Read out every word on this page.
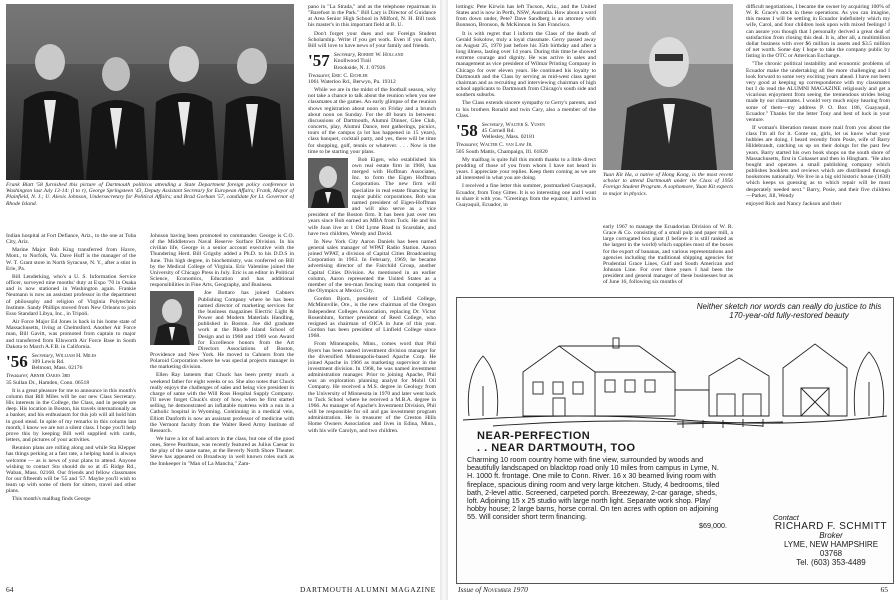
Frank Blatt '58 furnished this picture of Dartmouth politicos attending a State Department foreign policy conference in Washington last July 13-14: (l to r), George Springsteen '43, Deputy Assistant Secretary for European Affairs; Frank, Mayor of Plainfield, N. J.; U. Alexis Johnson, Undersecretary for Political Affairs; and Brad Gorham '57, candidate for Lt. Governor of Rhode Island.

Indian hospital at Fort Defiance, Ariz., to the one at Tuba City, Ariz.

Marine Major Bob King transferred from Havre, Mont., to Norfolk, Va. Dave Huff is the manager of the W. T. Grant store in North Syracuse, N. Y., after a stint in Erie, Pa.

Bill Lenderking, who's a U. S. Information Service officer, surveyed nine months' duty at Expo '70 in Osaka and is now stationed in Washington again. Frankie Neumann is now an assistant professor in the department of philosophy and religion of Virginia Polytechnic Institute. Sandy Phillips moved from New Orleans to join Esso Standard Libya, Inc., in Tripoli.

Air Force Major Ed Jones is back in his home state of Massachusetts, living at Chelmsford. Another Air Force man, Bill Gavitt, was promoted from captain to major and transferred from Ellsworth Air Force Base in South Dakota to March A.F.B. in California.

'56 Secretary, William H. Miles
109 Lewis Rd.
Belmont, Mass. 02176
Treasurer, Abner Oakes 3rd
35 Sullan Dr., Hamden, Conn. 06518

It is a great pleasure for me to announce in this month's column that Bill Miles will be our new Class Secretary. His interests in the College, the Class, and in people are deep. His location in Boston, his travels internationally as a banker, and his enthusiasm for this job will all hold him in good stead. In spite of my remarks in this column last month, I know we are not a silent class. I hope you'll help prove this by keeping Bill well supplied with cards, letters, and pictures of your activities.

Reunion plans are rolling along and while Sta Klepper has things perking at a fast rate, a helping hand is always welcome — as is news of your plans to attend. Anyone wishing to contact Stu should do so at 45 Ridge Rd., Waban, Mass. 02168. Our friends and fellow classmates for our fifteenth will be '55 and '57. Maybe you'll wish to team up with some of them for sitters, travel and other plans.

This month's mailbag finds George

Johnson having been promoted to commander. George is C.O. of the Middletown Naval Reserve Surface Division. In his civilian life, George is a senior account executive with the Thundering Herd. Bill Grigsby added a Ph.D. to his D.D.S in June. This high degree, in biochemistry, was conferred on Bill by the Medical College of Virginia. Eric Valentine joined the University of Chicago Press in July. Eric is an editor in Political Science, Economics, Education and has additional responsibilities in Fine Arts, Geography, and Business.

Joe Bottaro has joined Cabners Publishing Company where he has been named director of marketing services for the business magazines Electric Light & Power and Modern Materials Handling, published in Boston. Joe did graduate work at the Rhode Island School of Design and in 1968 and 1969 won Award for Excellence honors from the Art Directors Associations of Boston, Providence and New York. He moved to Cahners from the Polaroid Corporation where he was special projects manager in the marketing division.

Ellen Ray laments that Chuck has been pretty much a weekend father for eight weeks or so. She also notes that Chuck really enjoys the challenges of sales and being vice president in charge of same with the Will Ross Hospital Supply Company. I'll never forget Chuck's story of how, when he first started selling, he demonstrated an inflatable mattress with a nun in a Catholic hospital in Wyoming. Continuing in a medical vein, Elliott Danforth is now an assistant professor of medicine with the Vermont faculty from the Walter Reed Army Institute of Research.

We have a lot of bad actors in the class, but one of the good ones, Steve Pearlman, was recently featured as Julius Caesar in the play of the same name, at the Beverly North Shore Theater. Steve has appeared on Broadway in well known roles such as the Innkeeper in "Man of La Mancha," Zam-

pano in "La Strada," and as the telephone repairman in "Barefoot in the Park." Bill Lary is Director of Guidance at Area Senior High School in Milford, N. H. Bill took his master's in this important field at B. U.

Don't forget your dues and our Foreign Student Scholarship. Write if you get work. Even if you don't, Bill will love to have news of your family and friends.

'57 Secretary, Robert W. Holland
Knollwood Trail
Brookside, N. J. 07926
Treasurer, Eric C. Eichler
1061 Waterloo Rd., Berwyn, Pa. 19312

While we are in the midst of the football season, why not take a chance to talk about the reunion when you see classmates at the games. An early glimpse of the reunion shows registration about noon on Friday and a brunch about noon on Sunday. For the 48 hours in between: discussions of Dartmouth, Alumni Dinner, Glee Club, concerts, play, Alumni Dance, tent gatherings, picnics, tours of the campus (a lot has happened in 15 years), class banquet, cocktail party, and yes, there will be time for shopping, golf, tennis or whatever. . . . Now is the time to be starting your plans.

Bob Eigen, who established his own real estate firm in 1968, has merged with Hoffman Associates, Inc. to form the Eigen Hoffman Corporation. The new firm will specialize in real estate financing for major public corporations. Bob was named president of Eigen-Hoffman and will also serve as a vice president of the Boston firm. It has been just over ten years since Bob earned an MBA from Tuck. He and his wife Joan live at 1 Old Lyme Road in Scarsdale, and have two children, Wendy and David.

In New York City Aaron Daniels has been named general sales manager of WPAT Radio Station. Aaron joined WPAT, a division of Capital Cities Broadcasting Corporation in 1963. In February, 1969, he became advertising director of the Fairchild Group, another Capital Cities Division. As mentioned in an earlier column, Aaron represented the United States as a member of the ten-man fencing team that competed in the Olympics at Mexico City.

Gordon Bjorn, president of Linfield College, McMinnville, Ore., is the new chairman of the Oregon Independent Colleges Association, replacing Dr. Victor Rosenblum, former president of Reed College, who resigned as chairman of OICA in June of this year. Gordon has been president of Linfield College since 1968.

From Minneapolis, Minn., comes word that Phil Byers has been named investment division manager for the diversified Minneapolis-based Apache Corp. He joined Apache in 1966 as marketing supervisor in the investment division. In 1968, he was named investment administration manager. Prior to joining Apache, Phil was an exploration planning analyst for Mobil Oil Company. He received a M.S. degree in Geology from the University of Minnesota in 1970 and later went back to Tuck School where he received a M.B.A. degree in 1966. As manager of Apache's Investment Division, Phil will be responsible for oil and gas investment program administration. He is treasurer of the Creston Hills Home Owners Association and lives in Edina, Minn., with his wife Carolyn, and two children.

64

lottings: Pete Kirwin has left Tucson, Ariz., and the United States and is now in Perth, NSW, Australia. How about a word from down under, Pete? Dave Sandberg is an attorney with Bonnson, Bronson, & McKinnon in San Francisco.

It is with regret that I inform the Class of the death of Gerald Sokolow, truly a loyal classmate. Gerry passed away on August 25, 1970 just before his 35th birthday and after a long illness, lasting over 14 years. During this time he showed extreme courage and dignity. He was active in sales and management as vice president of Wilmar Printing Company in Chicago for over eleven years. He continued his loyalty to Dartmouth and the Class by serving as mid-west class agent chairman and as recruiting and interviewing chairman of high school applicants to Dartmouth from Chicago's south side and southern suburbs.

The Class extends sincere sympathy to Gerry's parents, and to his brothers Ronald and twin Cary, also a member of the Class.

'58 Secretary, Walter S. Yusen
45 Cornell Rd.
Wellesley, Mass. 02181
Treasurer, Walter C. van Law Jr.
505 South Mattis, Champaign, Ill. 61820

My mailbag is quite full this month thanks to a little direct prodding of those of you from whom I have not heard in years. I appreciate your replies. Keep them coming as we are all interested in what you are doing.

I received a fine letter this summer, postmarked Guayaquil, Ecuador, from Tony Gittes. It is so interesting one and I want to share it with you. "Greetings from the equator, I arrived in Guayaquil, Ecuador, in

Yuan Kit Ha, a native of Hong Kong, is the most recent scholar to attend Dartmouth under the Class of 1956 Foreign Student Program. A sophomore, Yuan Kit expects to major in physics.

early 1967 to manage the Ecuadorian Division of W. R. Grace & Co. consisting of a small pulp and paper mill, a large corrugated box plant (I believe it is still ranked as the largest in the world) which supplies most of the boxes for the export of bananas, and various representations and agencies including the traditional shipping agencies for Prudential Grace Lines, Gulf and South American and Johnson Line. For over three years I had been the president and general manager of these businesses but as of June 16, following six months of

difficult negotiations, I became the owner by acquiring 100% of W. R. Grace's stock in these operations. As you can imagine, this means I will be settling in Ecuador indefinitely which my wife, Carol, and four children look upon with mixed feelings! I can assure you though that I personally derived a great deal of satisfaction from closing this deal. It is, after all, a multimillion dollar business with over $6 million in assets and $3.5 million of net worth. Some day I hope to take the company public by listing in the OTC or American Exchange.

"The chronic political instability and economic problems of Ecuador make the undertaking all the more challenging and I look forward to some very exciting years ahead. I have not been very good at keeping up correspondence with my classmates but I do read the ALUMNI MAGAZINE religiously and get a vicarious enjoyment from seeing the tremendous strides being made by our classmates. I would very much enjoy hearing from some of them—my address P. O. Box 186, Guayaquil, Ecuador." Thanks for the letter Tony and best of luck in your venture.

If woman's liberation means more mail from you about the class I'm all for it. Come on, girls, let us know what your hubbies are doing. I heard recently from Posie, wife of Barry Hildebrandt, catching us up on their doings for the past few years. Barry started his own book shops on the south shore of Massachusetts, first in Cohasset and then in Hingham. "He also bought and operates a small publishing company which publishes booklets and reviews which are distributed through bookstores nationally. We live in a big old historic house (1638) which keeps us guessing as to which repair will be most desperately needed next." Barry, Posie, and their five children—Parker, Jill, Wendy

enjoyed Rick and Nancy Jackson and their

Issue of November 1970	65
Neither sketch nor words can really do justice to this 170-year-old fully-restored beauty
NEAR-PERFECTION
. . NEAR DARTMOUTH, TOO
Charming 10 room country home with fine view, surrounded by woods and beautifully landscaped on blacktop road only 10 miles from campus in Lyme, N. H. 1000 ft. frontage. One mile to Conn. River. 16 x 30 beamed living room with fireplace, spacious dining room and very large kitchen. Study, 4 bedrooms, tiled bath, 2-level attic. Screened, carpeted porch. Breezeway, 2-car garage, sheds, loft. Adjoining 15 x 25 studio with large north light. Separate work shop. Play/ hobby house; 2 large barns, horse corral. On ten acres with option on adjoining 55. Will consider short term financing.
$69,000.
Contact
RICHARD F. SCHMITT
Broker
LYME, NEW HAMPSHIRE 03768
Tel. (603) 353-4489
DARTMOUTH ALUMNI MAGAZINE
